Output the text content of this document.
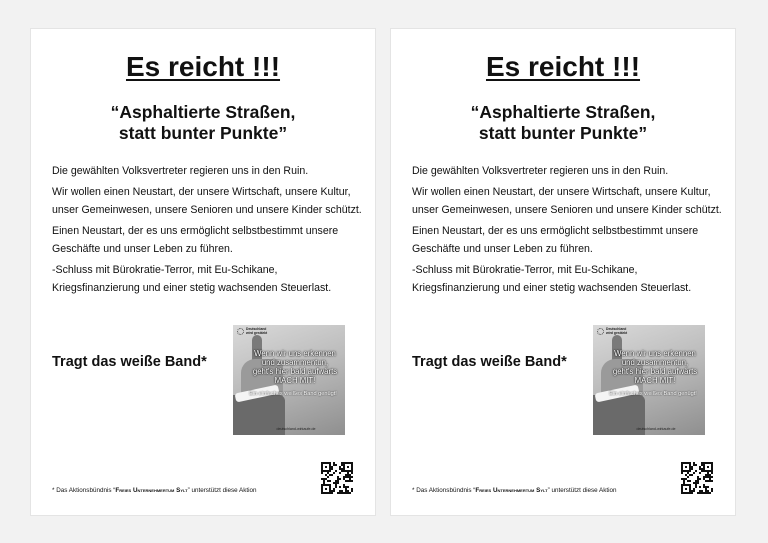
Es reicht !!!
“Asphaltierte Straßen,
statt bunter Punkte”

Die gewählten Volksvertreter regieren uns in den Ruin.

Wir wollen einen Neustart, der unsere Wirtschaft, unsere Kultur, unser Gemeinwesen, unsere Senioren und unsere Kinder schützt.

Einen Neustart, der es uns ermöglicht selbstbestimmt unsere Geschäfte und unser Leben zu führen.

-Schluss mit Bürokratie-Terror, mit Eu-Schikane, Kriegsfinanzierung und einer stetig wachsenden Steuerlast.

Tragt das weiße Band*
Deutschland
wird gestärkt
Wenn wir uns erkennen
und zusammentun,
geht's hier bald aufwärts
MACH MIT!
Ein einfaches weißes Band genügt!
deutschland-wirkaufe.de
* Das Aktionsbündnis “Freies Unternehmertum Sylt” unterstützt diese Aktion
Es reicht !!!
“Asphaltierte Straßen,
statt bunter Punkte”

Die gewählten Volksvertreter regieren uns in den Ruin.

Wir wollen einen Neustart, der unsere Wirtschaft, unsere Kultur, unser Gemeinwesen, unsere Senioren und unsere Kinder schützt.

Einen Neustart, der es uns ermöglicht selbstbestimmt unsere Geschäfte und unser Leben zu führen.

-Schluss mit Bürokratie-Terror, mit Eu-Schikane, Kriegsfinanzierung und einer stetig wachsenden Steuerlast.

Tragt das weiße Band*
Deutschland
wird gestärkt
Wenn wir uns erkennen
und zusammentun,
geht's hier bald aufwärts
MACH MIT!
Ein einfaches weißes Band genügt!
deutschland-wirkaufe.de
* Das Aktionsbündnis “Freies Unternehmertum Sylt” unterstützt diese Aktion
